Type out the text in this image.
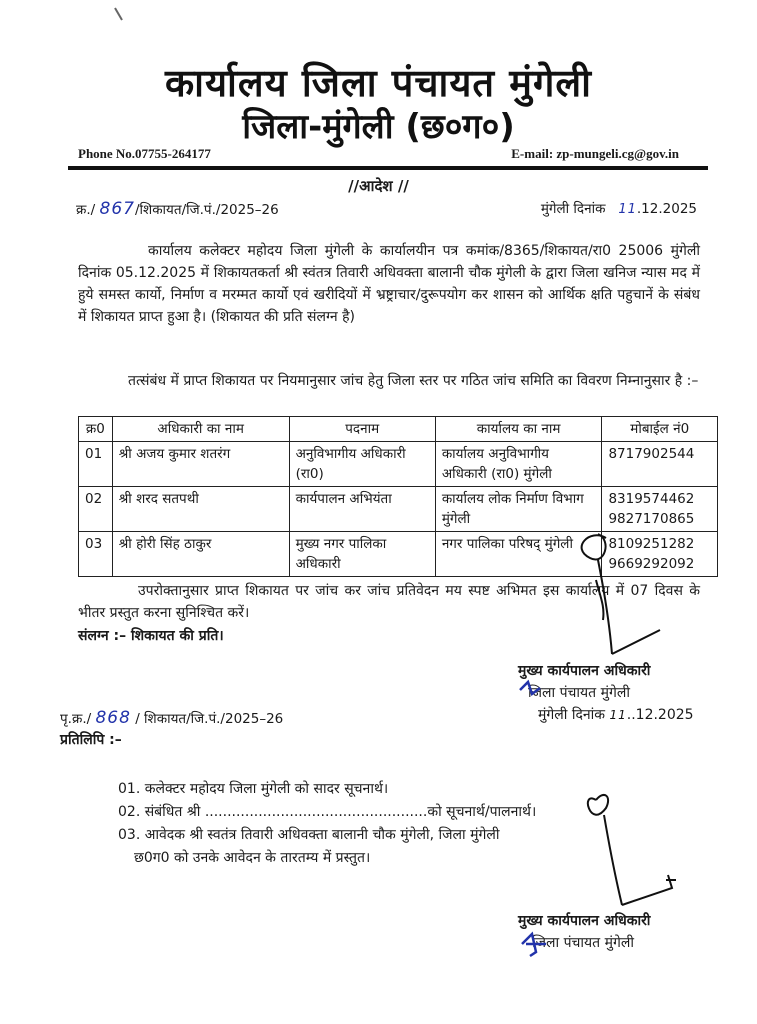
कार्यालय जिला पंचायत मुंगेली
जिला-मुंगेली (छ०ग०)
Phone No.07755-264177	E-mail: zp-mungeli.cg@gov.in
//आदेश //
क्र./ 867/शिकायत/जि.पं./2025–26	मुंगेली दिनांक 11.12.2025
कार्यालय कलेक्टर महोदय जिला मुंगेली के कार्यालयीन पत्र कमांक/8365/शिकायत/रा0 25006 मुंगेली दिनांक 05.12.2025 में शिकायतकर्ता श्री स्वंतत्र तिवारी अधिवक्ता बालानी चौक मुंगेली के द्वारा जिला खनिज न्यास मद में हुये समस्त कार्यो, निर्माण व मरम्मत कार्यो एवं खरीदियों में भ्रष्ट्राचार/दुरूपयोग कर शासन को आर्थिक क्षति पहुचानें के संबंध में शिकायत प्राप्त हुआ है। (शिकायत की प्रति संलग्न है)
तत्संबंध में प्राप्त शिकायत पर नियमानुसार जांच हेतु जिला स्तर पर गठित जांच समिति का विवरण निम्नानुसार है :–
क्र0	अधिकारी का नाम	पदनाम	कार्यालय का नाम	मोबाईल नं0
01	श्री अजय कुमार शतरंग	अनुविभागीय अधिकारी (रा0)	कार्यालय अनुविभागीय अधिकारी (रा0) मुंगेली	8717902544

02	श्री शरद सतपथी	कार्यपालन अभियंता	कार्यालय लोक निर्माण विभाग मुंगेली	8319574462
9827170865

03	श्री होरी सिंह ठाकुर	मुख्य नगर पालिका अधिकारी	नगर पालिका परिषद् मुंगेली	8109251282
9669292092
उपरोक्तानुसार प्राप्त शिकायत पर जांच कर जांच प्रतिवेदन मय स्पष्ट अभिमत इस कार्यालय में 07 दिवस के भीतर प्रस्तुत करना सुनिश्चित करें।
संलग्न :– शिकायत की प्रति।
मुख्य कार्यपालन अधिकारी
जिला पंचायत मुंगेली
मुंगेली दिनांक 11..12.2025
पृ.क्र./ 868 / शिकायत/जि.पं./2025–26
प्रतिलिपि :–
01. कलेक्टर महोदय जिला मुंगेली को सादर सूचनार्थ।
02. संबंधित श्री ..................................................को सूचनार्थ/पालनार्थ।
03. आवेदक श्री स्वतंत्र तिवारी अधिवक्ता बालानी चौक मुंगेली, जिला मुंगेली
छ0ग0 को उनके आवेदन के तारतम्य में प्रस्तुत।
मुख्य कार्यपालन अधिकारी
जिला पंचायत मुंगेली
